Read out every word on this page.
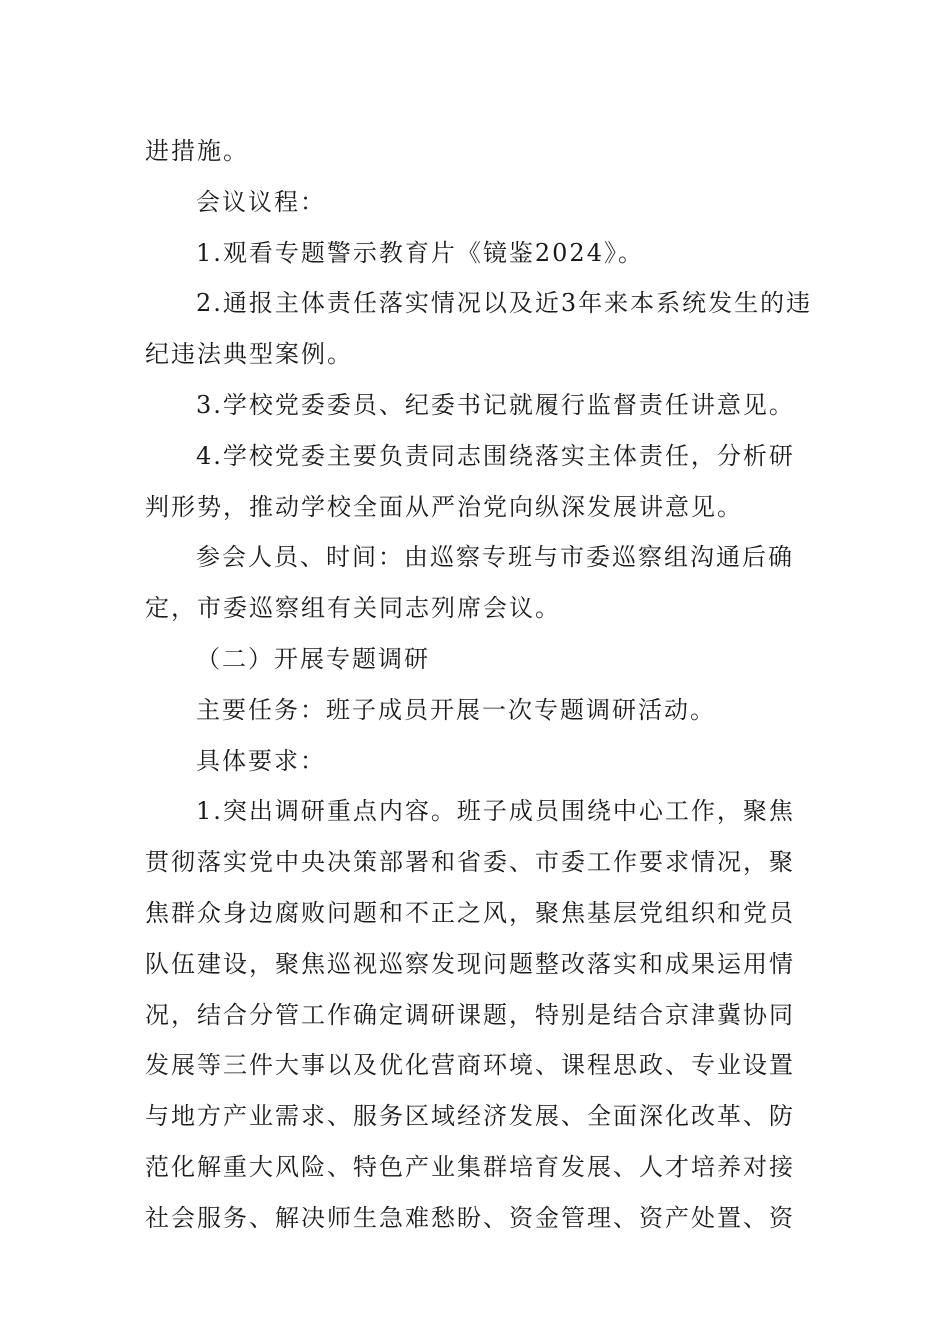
进措施。
会议议程：
1.观看专题警示教育片《镜鉴2024》。
2.通报主体责任落实情况以及近3年来本系统发生的违
纪违法典型案例。
3.学校党委委员、纪委书记就履行监督责任讲意见。
4.学校党委主要负责同志围绕落实主体责任，分析研
判形势，推动学校全面从严治党向纵深发展讲意见。
参会人员、时间：由巡察专班与市委巡察组沟通后确
定，市委巡察组有关同志列席会议。
（二）开展专题调研
主要任务：班子成员开展一次专题调研活动。
具体要求：
1.突出调研重点内容。班子成员围绕中心工作，聚焦
贯彻落实党中央决策部署和省委、市委工作要求情况，聚
焦群众身边腐败问题和不正之风，聚焦基层党组织和党员
队伍建设，聚焦巡视巡察发现问题整改落实和成果运用情
况，结合分管工作确定调研课题，特别是结合京津冀协同
发展等三件大事以及优化营商环境、课程思政、专业设置
与地方产业需求、服务区域经济发展、全面深化改革、防
范化解重大风险、特色产业集群培育发展、人才培养对接
社会服务、解决师生急难愁盼、资金管理、资产处置、资
